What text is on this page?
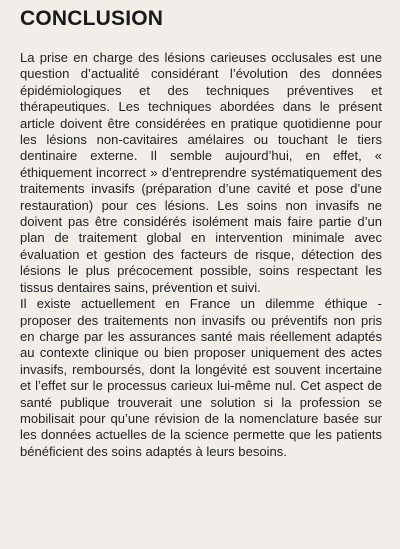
CONCLUSION

La prise en charge des lésions carieuses occlusales est une question d’actualité considérant l’évolution des données épidémiologiques et des techniques préventives et thérapeutiques. Les techniques abordées dans le présent article doivent être considérées en pratique quotidienne pour les lésions non-cavitaires amélaires ou touchant le tiers dentinaire externe. Il semble aujourd’hui, en effet, « éthiquement incorrect » d’entreprendre systématiquement des traitements invasifs (préparation d’une cavité et pose d’une restauration) pour ces lésions. Les soins non invasifs ne doivent pas être considérés isolément mais faire partie d’un plan de traitement global en intervention minimale avec évaluation et gestion des facteurs de risque, détection des lésions le plus précocement possible, soins respectant les tissus dentaires sains, prévention et suivi.

Il existe actuellement en France un dilemme éthique - proposer des traitements non invasifs ou préventifs non pris en charge par les assurances santé mais réellement adaptés au contexte clinique ou bien proposer uniquement des actes invasifs, remboursés, dont la longévité est souvent incertaine et l’effet sur le processus carieux lui-même nul. Cet aspect de santé publique trouverait une solution si la profession se mobilisait pour qu’une révision de la nomenclature basée sur les données actuelles de la science permette que les patients bénéficient des soins adaptés à leurs besoins.
